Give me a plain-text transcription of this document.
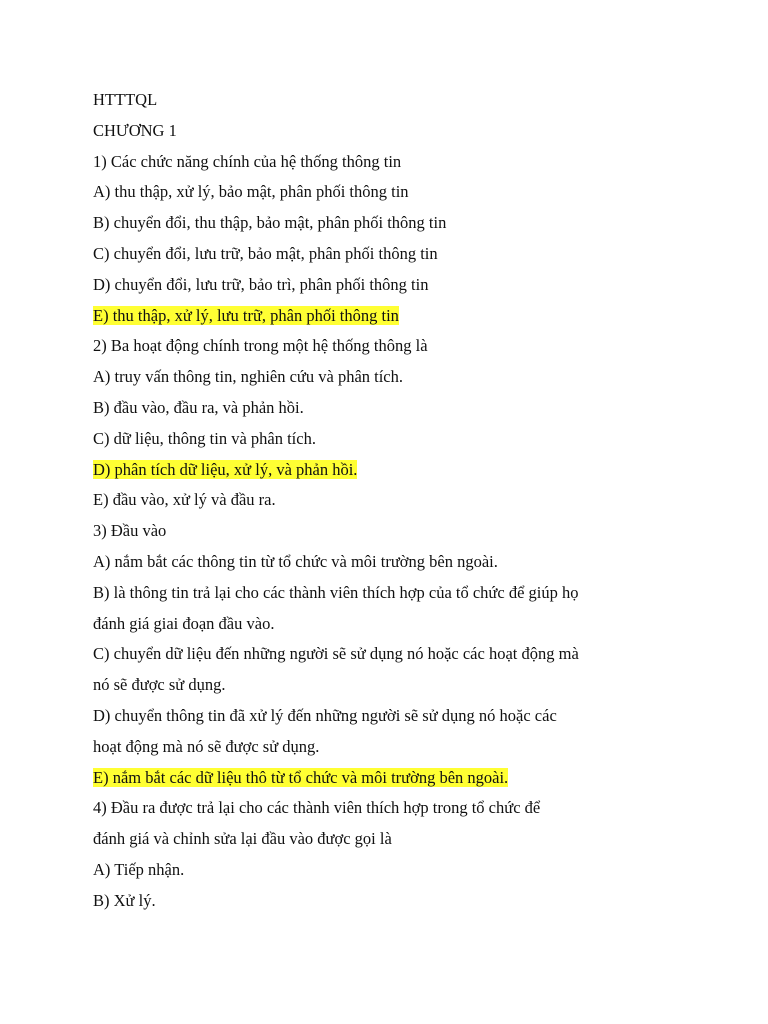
HTTTQL
CHƯƠNG 1
1) Các chức năng chính của hệ thống thông tin
A) thu thập, xử lý, bảo mật, phân phối thông tin
B) chuyển đổi, thu thập, bảo mật, phân phối thông tin
C) chuyển đổi, lưu trữ, bảo mật, phân phối thông tin
D) chuyển đổi, lưu trữ, bảo trì, phân phối thông tin
E) thu thập, xử lý, lưu trữ, phân phối thông tin
2) Ba hoạt động chính trong một hệ thống thông là
A) truy vấn thông tin, nghiên cứu và phân tích.
B) đầu vào, đầu ra, và phản hồi.
C) dữ liệu, thông tin và phân tích.
D) phân tích dữ liệu, xử lý, và phản hồi.
E) đầu vào, xử lý và đầu ra.
3) Đầu vào
A) nắm bắt các thông tin từ tổ chức và môi trường bên ngoài.
B) là thông tin trả lại cho các thành viên thích hợp của tổ chức để giúp họ
đánh giá giai đoạn đầu vào.
C) chuyển dữ liệu đến những người sẽ sử dụng nó hoặc các hoạt động mà
nó sẽ được sử dụng.
D) chuyển thông tin đã xử lý đến những người sẽ sử dụng nó hoặc các
hoạt động mà nó sẽ được sử dụng.
E) nắm bắt các dữ liệu thô từ tổ chức và môi trường bên ngoài.
4) Đầu ra được trả lại cho các thành viên thích hợp trong tổ chức để
đánh giá và chỉnh sửa lại đầu vào được gọi là
A) Tiếp nhận.
B) Xử lý.
